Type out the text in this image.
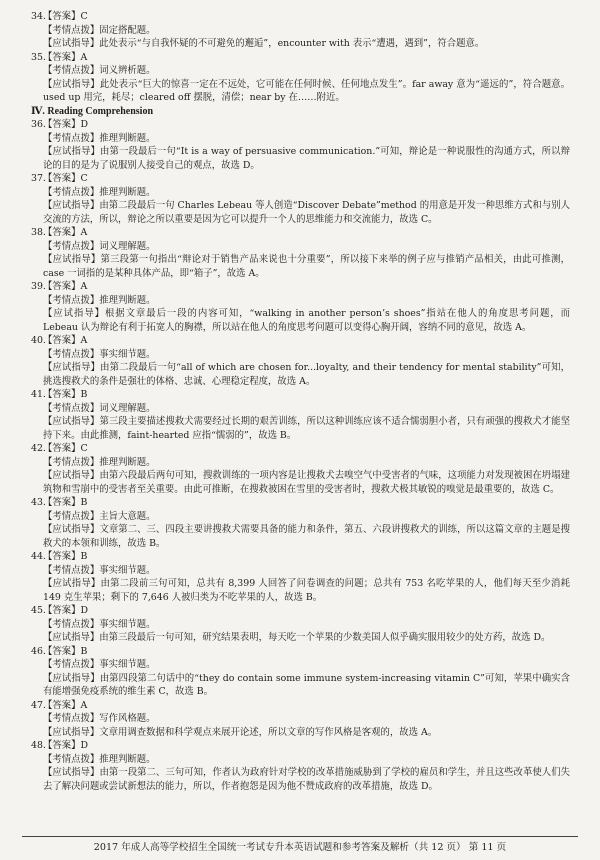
34.【答案】C
【考情点拨】固定搭配题。
【应试指导】此处表示“与自我怀疑的不可避免的邂逅”，encounter with 表示“遭遇，遇到”，符合题意。
35.【答案】A
【考情点拨】词义辨析题。
【应试指导】此处表示“巨大的惊喜一定在不远处，它可能在任何时候、任何地点发生”。far away 意为“遥远的”，符合题意。used up 用完，耗尽；cleared off 摆脱，清偿；near by 在……附近。
Ⅳ. Reading Comprehension
36.【答案】D
【考情点拨】推理判断题。
【应试指导】由第一段最后一句“It is a way of persuasive communication.”可知，辩论是一种说服性的沟通方式，所以辩论的目的是为了说服别人接受自己的观点，故选 D。
37.【答案】C
【考情点拨】推理判断题。
【应试指导】由第二段最后一句 Charles Lebeau 等人创造“Discover Debate”method 的用意是开发一种思维方式和与别人交流的方法，所以，辩论之所以重要是因为它可以提升一个人的思维能力和交流能力，故选 C。
38.【答案】A
【考情点拨】词义理解题。
【应试指导】第三段第一句指出“辩论对于销售产品来说也十分重要”，所以接下来举的例子应与推销产品相关，由此可推测，case 一词指的是某种具体产品，即“箱子”，故选 A。
39.【答案】A
【考情点拨】推理判断题。
【应试指导】根据文章最后一段的内容可知，“walking in another person’s shoes”指站在他人的角度思考问题，而 Lebeau 认为辩论有利于拓宽人的胸襟，所以站在他人的角度思考问题可以变得心胸开阔，容纳不同的意见，故选 A。
40.【答案】A
【考情点拨】事实细节题。
【应试指导】由第二段最后一句“all of which are chosen for...loyalty, and their tendency for mental stability”可知，挑选搜救犬的条件是强壮的体格、忠诚、心理稳定程度，故选 A。
41.【答案】B
【考情点拨】词义理解题。
【应试指导】第三段主要描述搜救犬需要经过长期的艰苦训练，所以这种训练应该不适合懦弱胆小者，只有顽强的搜救犬才能坚持下来。由此推测，faint-hearted 应指“懦弱的”，故选 B。
42.【答案】C
【考情点拨】推理判断题。
【应试指导】由第六段最后两句可知，搜救训练的一项内容是让搜救犬去嗅空气中受害者的气味，这项能力对发现被困在坍塌建筑物和雪崩中的受害者至关重要。由此可推断，在搜救被困在雪里的受害者时，搜救犬极其敏锐的嗅觉是最重要的，故选 C。
43.【答案】B
【考情点拨】主旨大意题。
【应试指导】文章第二、三、四段主要讲搜救犬需要具备的能力和条件，第五、六段讲搜救犬的训练，所以这篇文章的主题是搜救犬的本领和训练，故选 B。
44.【答案】B
【考情点拨】事实细节题。
【应试指导】由第二段前三句可知，总共有 8,399 人回答了问卷调查的问题；总共有 753 名吃苹果的人，他们每天至少消耗 149 克生苹果；剩下的 7,646 人被归类为不吃苹果的人，故选 B。
45.【答案】D
【考情点拨】事实细节题。
【应试指导】由第三段最后一句可知，研究结果表明，每天吃一个苹果的少数美国人似乎确实服用较少的处方药，故选 D。
46.【答案】B
【考情点拨】事实细节题。
【应试指导】由第四段第二句话中的“they do contain some immune system-increasing vitamin C”可知，苹果中确实含有能增强免疫系统的维生素 C，故选 B。
47.【答案】A
【考情点拨】写作风格题。
【应试指导】文章用调查数据和科学观点来展开论述，所以文章的写作风格是客观的，故选 A。
48.【答案】D
【考情点拨】推理判断题。
【应试指导】由第一段第二、三句可知，作者认为政府针对学校的改革措施威胁到了学校的雇员和学生，并且这些改革使人们失去了解决问题或尝试新想法的能力，所以，作者抱怨是因为他不赞成政府的改革措施，故选 D。
2017 年成人高等学校招生全国统一考试专升本英语试题和参考答案及解析（共 12 页） 第 11 页
